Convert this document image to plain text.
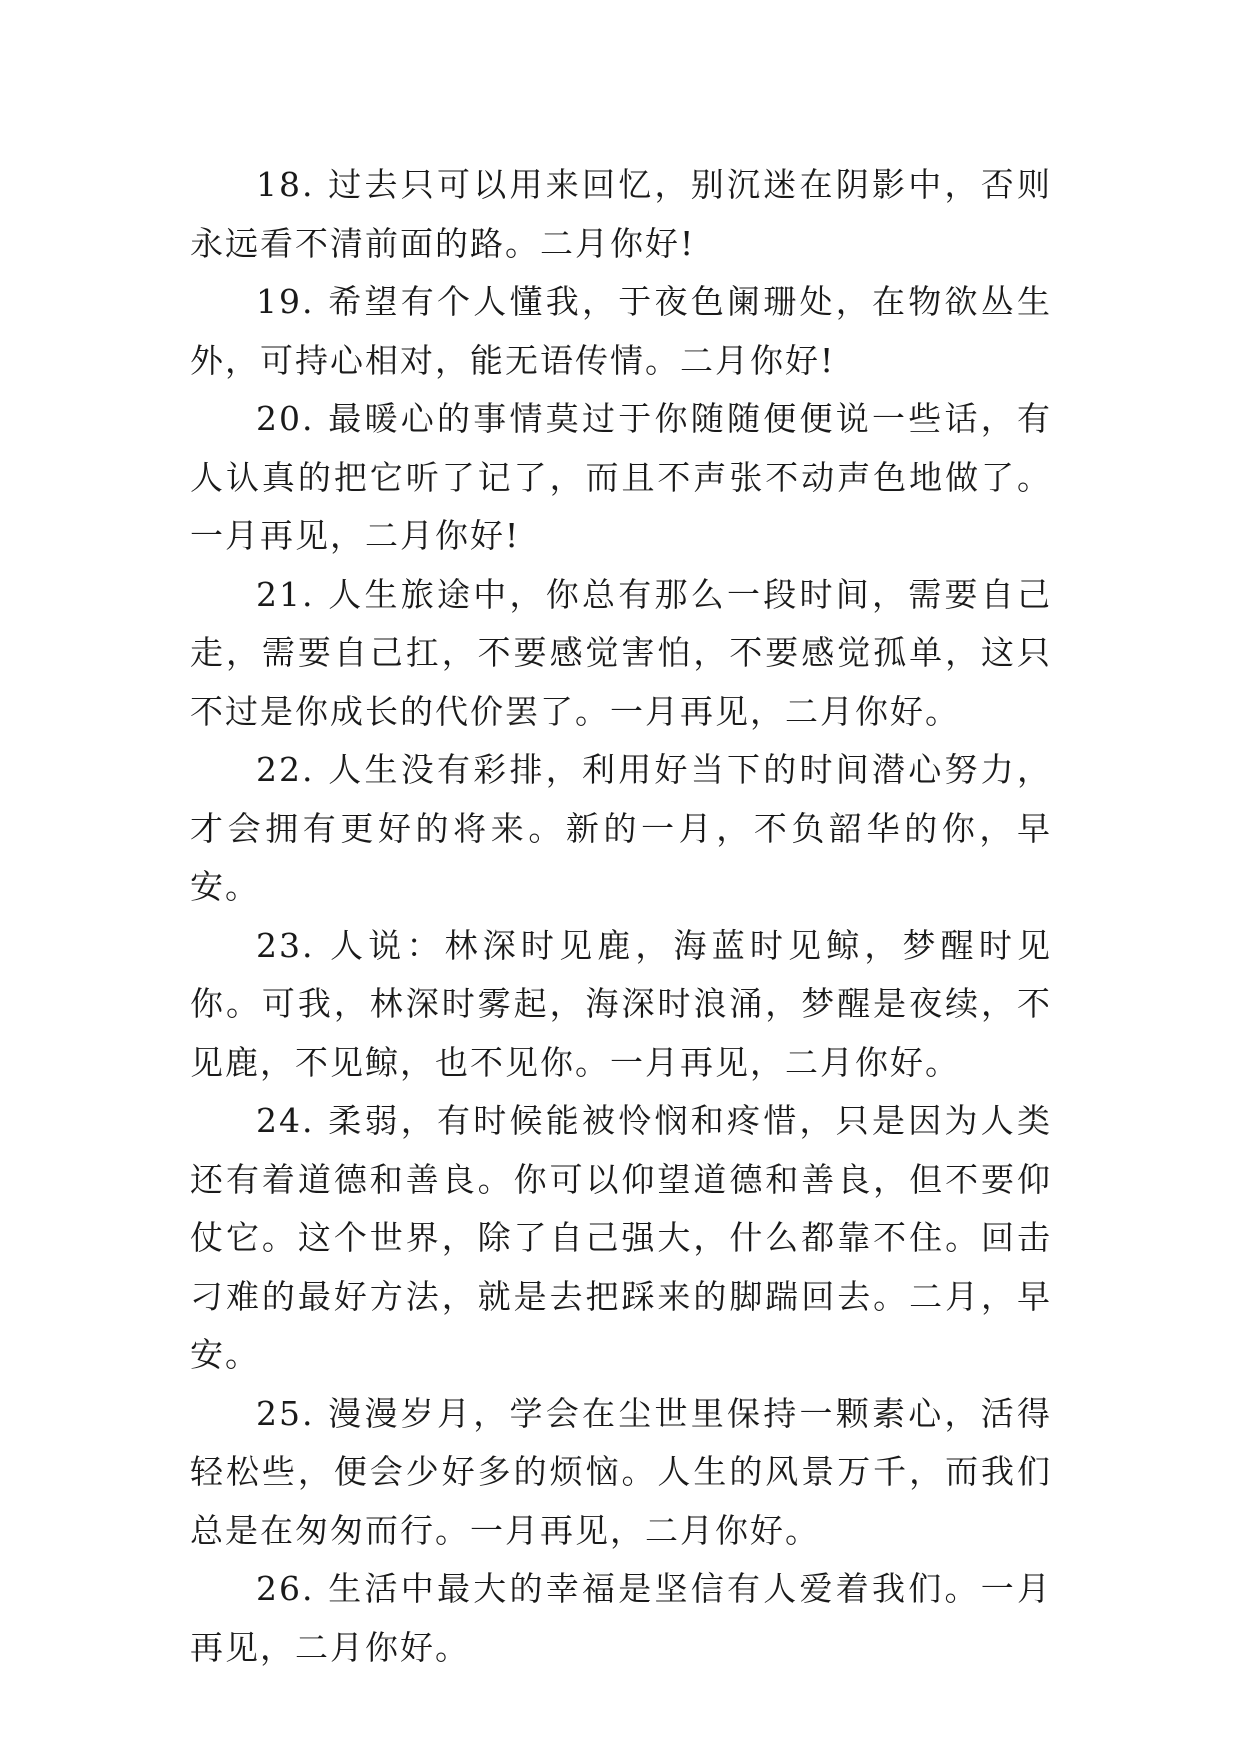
18. 过去只可以用来回忆，别沉迷在阴影中，否则永远看不清前面的路。二月你好!

19. 希望有个人懂我，于夜色阑珊处，在物欲丛生外，可持心相对，能无语传情。二月你好!

20. 最暖心的事情莫过于你随随便便说一些话，有人认真的把它听了记了，而且不声张不动声色地做了。一月再见，二月你好!

21. 人生旅途中，你总有那么一段时间，需要自己走，需要自己扛，不要感觉害怕，不要感觉孤单，这只不过是你成长的代价罢了。一月再见，二月你好。

22. 人生没有彩排，利用好当下的时间潜心努力，才会拥有更好的将来。新的一月，不负韶华的你，早安。

23. 人说：林深时见鹿，海蓝时见鲸，梦醒时见你。可我，林深时雾起，海深时浪涌，梦醒是夜续，不见鹿，不见鲸，也不见你。一月再见，二月你好。

24. 柔弱，有时候能被怜悯和疼惜，只是因为人类还有着道德和善良。你可以仰望道德和善良，但不要仰仗它。这个世界，除了自己强大，什么都靠不住。回击刁难的最好方法，就是去把踩来的脚踹回去。二月，早安。

25. 漫漫岁月，学会在尘世里保持一颗素心，活得轻松些，便会少好多的烦恼。人生的风景万千，而我们总是在匆匆而行。一月再见，二月你好。

26. 生活中最大的幸福是坚信有人爱着我们。一月再见，二月你好。
